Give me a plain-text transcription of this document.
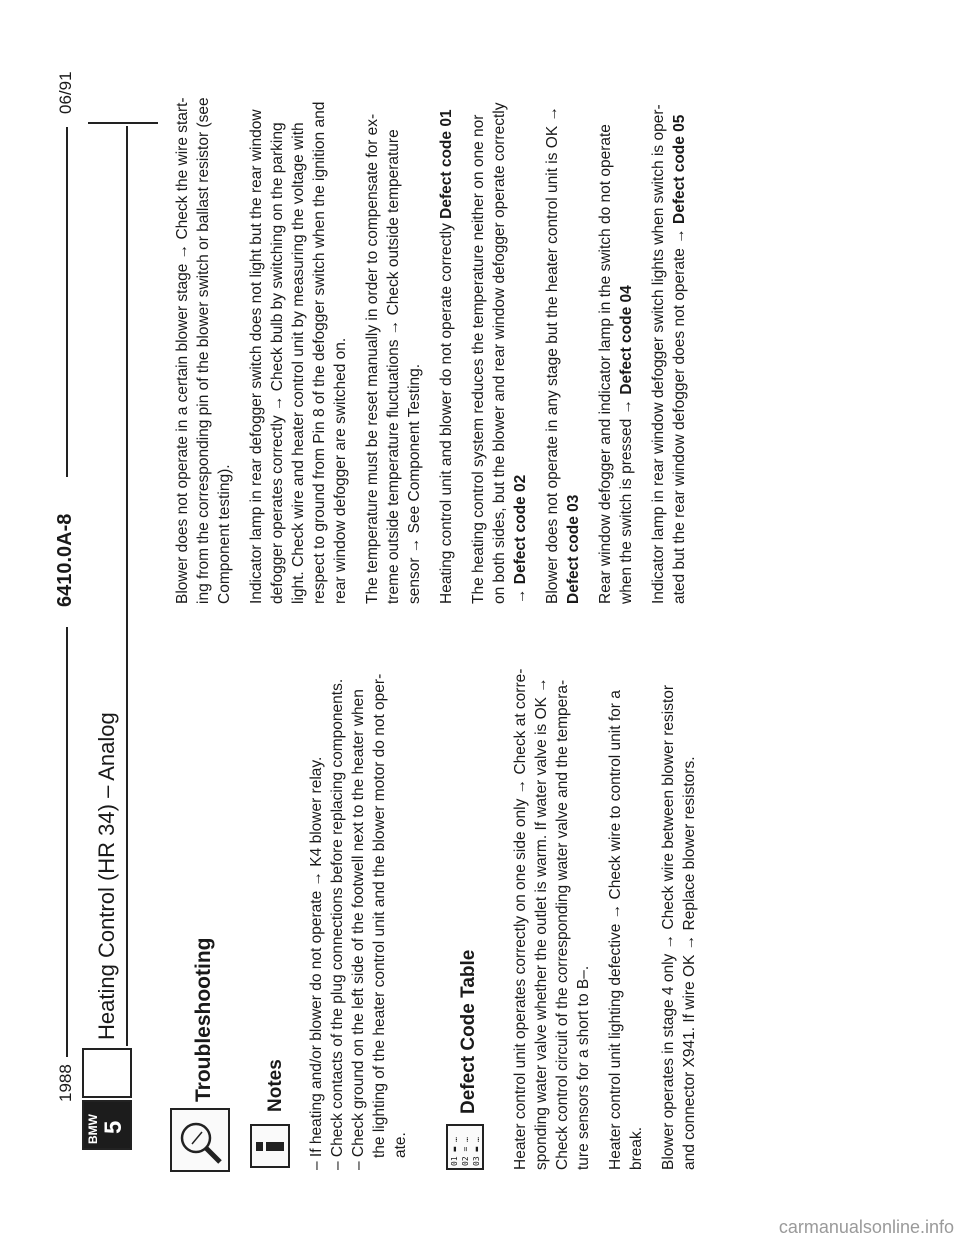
06/91
6410.0A-8
1988
BMW 5
Heating Control (HR 34) – Analog	Troubleshooting	Notes – If heating and/or blower do not operate → K4 blower relay. – Check contacts of the plug connections before replacing components. – Check ground on the left side of the footwell next to the heater when the lighting of the heater control unit and the blower motor do not oper- ate.	01 ▬ … 02 = … 03 ▬ …
Defect Code Table Heater control unit operates correctly on one side only → Check at corre- sponding water valve whether the outlet is warm. If water valve is OK → Check control circuit of the corresponding water valve and the tempera- ture sensors for a short to B–. Heater control unit lighting defective → Check wire to control unit for a break. Blower operates in stage 4 only → Check wire between blower resistor and connector X941. If wire OK → Replace blower resistors.

Blower does not operate in a certain blower stage → Check the wire start- ing from the corresponding pin of the blower switch or ballast resistor (see Component testing). Indicator lamp in rear defogger switch does not light but the rear window defogger operates correctly → Check bulb by switching on the parking light. Check wire and heater control unit by measuring the voltage with respect to ground from Pin 8 of the defogger switch when the ignition and rear window defogger are switched on. The temperature must be reset manually in order to compensate for ex- treme outside temperature fluctuations → Check outside temperature sensor → See Component Testing. Heating control unit and blower do not operate correctly Defect code 01 The heating control system reduces the temperature neither on one nor on both sides, but the blower and rear window defogger operate correctly → Defect code 02 Blower does not operate in any stage but the heater control unit is OK → Defect code 03 Rear window defogger and indicator lamp in the switch do not operate when the switch is pressed → Defect code 04 Indicator lamp in rear window defogger switch lights when switch is oper- ated but the rear window defogger does not operate → Defect code 05

carmanualsonline.info
